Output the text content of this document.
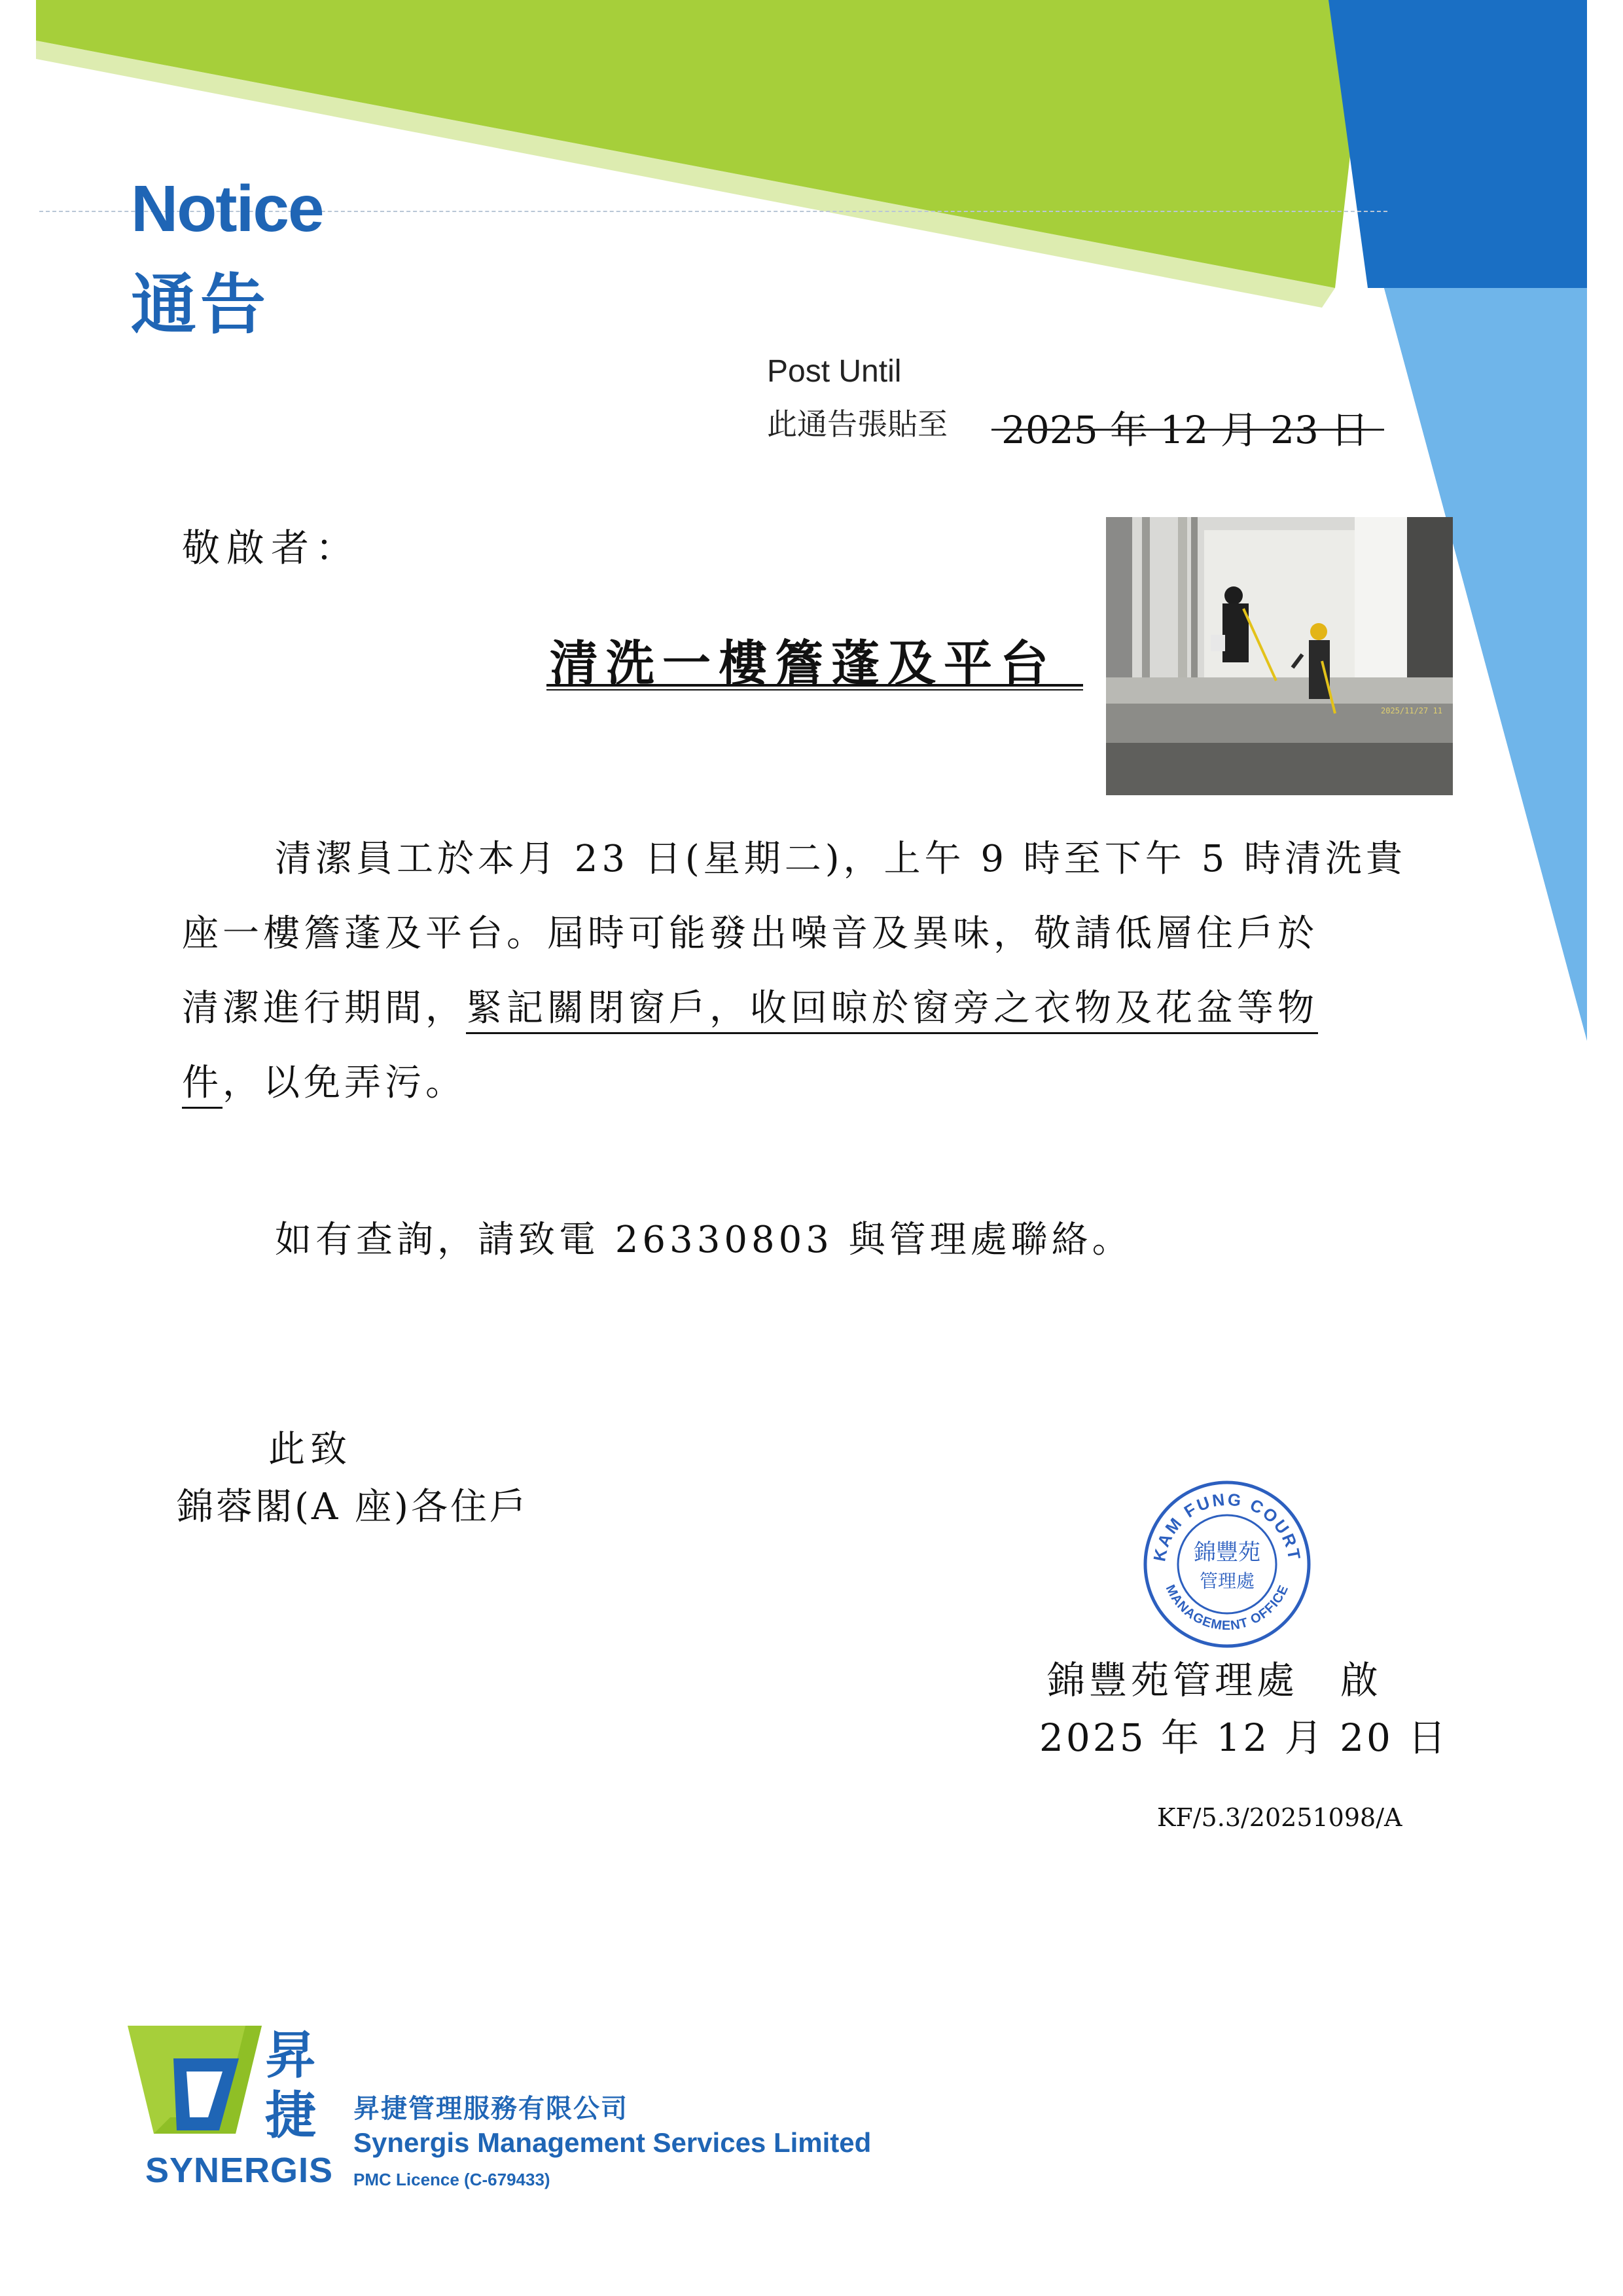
Notice
通告
Post Until
此通告張貼至 2025 年 12 月 23 日
敬啟者：
清洗一樓簷蓬及平台
2025/11/27 11
清潔員工於本月 23 日(星期二)，上午 9 時至下午 5 時清洗貴
座一樓簷蓬及平台。屆時可能發出噪音及異味，敬請低層住戶於
清潔進行期間，緊記關閉窗戶，收回晾於窗旁之衣物及花盆等物
件，以免弄污。
如有查詢，請致電 26330803 與管理處聯絡。
此致
錦蓉閣(A 座)各住戶
KAM FUNG COURT
MANAGEMENT OFFICE
錦豐苑
管理處
錦豐苑管理處　啟
2025 年 12 月 20 日
KF/5.3/20251098/A
昇
捷
SYNERGIS
昇捷管理服務有限公司
Synergis Management Services Limited
PMC Licence (C-679433)
